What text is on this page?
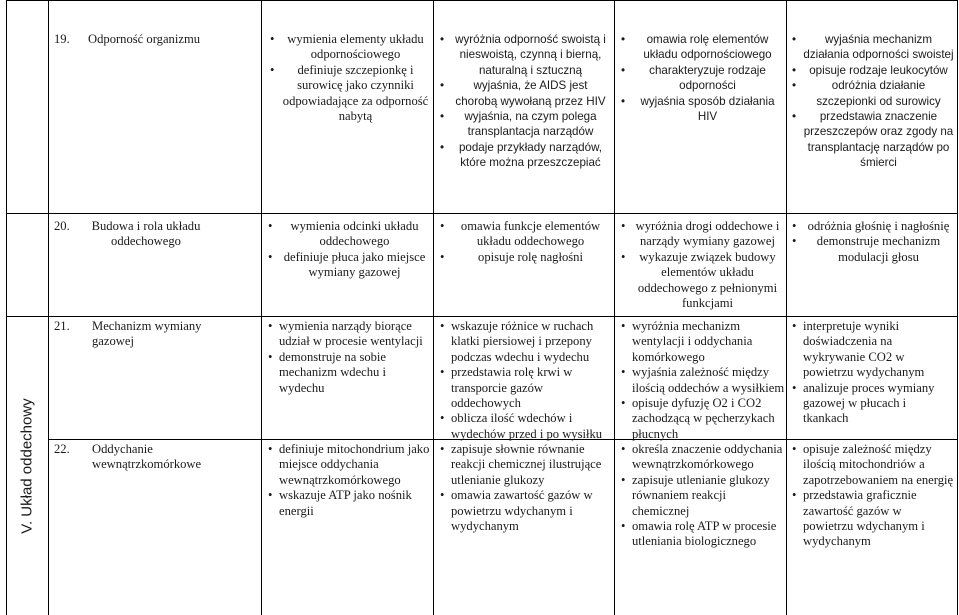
V. Układ oddechowy
19. Odporność organizmu
•	wymienia elementy układu odpornościowego
• definiuje szczepionkę i surowicę jako czynniki odpowiadające za odporność nabytą
• wyróżnia odporność swoistą i nieswoistą, czynną i bierną, naturalną i sztuczną
• wyjaśnia, że AIDS jest chorobą wywołaną przez HIV
• wyjaśnia, na czym polega transplantacja narządów
• podaje przykłady narządów, które można przeszczepiać
• omawia rolę elementów układu odpornościowego
• charakteryzuje rodzaje odporności
• wyjaśnia sposób działania HIV
• wyjaśnia mechanizm działania odporności swoistej
• opisuje rodzaje leukocytów
• odróżnia działanie szczepionki od surowicy
• przedstawia znaczenie przeszczepów oraz zgody na transplantację narządów po śmierci
20.	Budowa i rola układu oddechowego
• wymienia odcinki układu oddechowego
• definiuje płuca jako miejsce wymiany gazowej
• omawia funkcje elementów układu oddechowego
• opisuje rolę nagłośni
• wyróżnia drogi oddechowe i narządy wymiany gazowej
• wykazuje związek budowy elementów układu oddechowego z pełnionymi funkcjami
• odróżnia głośnię i nagłośnię
• demonstruje mechanizm modulacji głosu
21. Mechanizm wymiany gazowej
• wymienia narządy biorące udział w procesie wentylacji
• demonstruje na sobie mechanizm wdechu i wydechu
• wskazuje różnice w ruchach klatki piersiowej i przepony podczas wdechu i wydechu
• przedstawia rolę krwi w transporcie gazów oddechowych
• oblicza ilość wdechów i wydechów przed i po wysiłku
• wyróżnia mechanizm wentylacji i oddychania komórkowego
• wyjaśnia zależność między ilością oddechów a wysiłkiem
• opisuje dyfuzję O2 i CO2 zachodzącą w pęcherzykach płucnych
• interpretuje wyniki doświadczenia na wykrywanie CO2 w powietrzu wydychanym
• analizuje proces wymiany gazowej w płucach i tkankach
22. Oddychanie wewnątrzkomórkowe
• definiuje mitochondrium jako miejsce oddychania wewnątrzkomórkowego
• wskazuje ATP jako nośnik energii
• zapisuje słownie równanie reakcji chemicznej ilustrujące utlenianie glukozy
• omawia zawartość gazów w powietrzu wdychanym i wydychanym
• określa znaczenie oddychania wewnątrzkomórkowego
• zapisuje utlenianie glukozy równaniem reakcji chemicznej
• omawia rolę ATP w procesie utleniania biologicznego
• opisuje zależność między ilością mitochondriów a zapotrzebowaniem na energię
• przedstawia graficznie zawartość gazów w powietrzu wdychanym i wydychanym
